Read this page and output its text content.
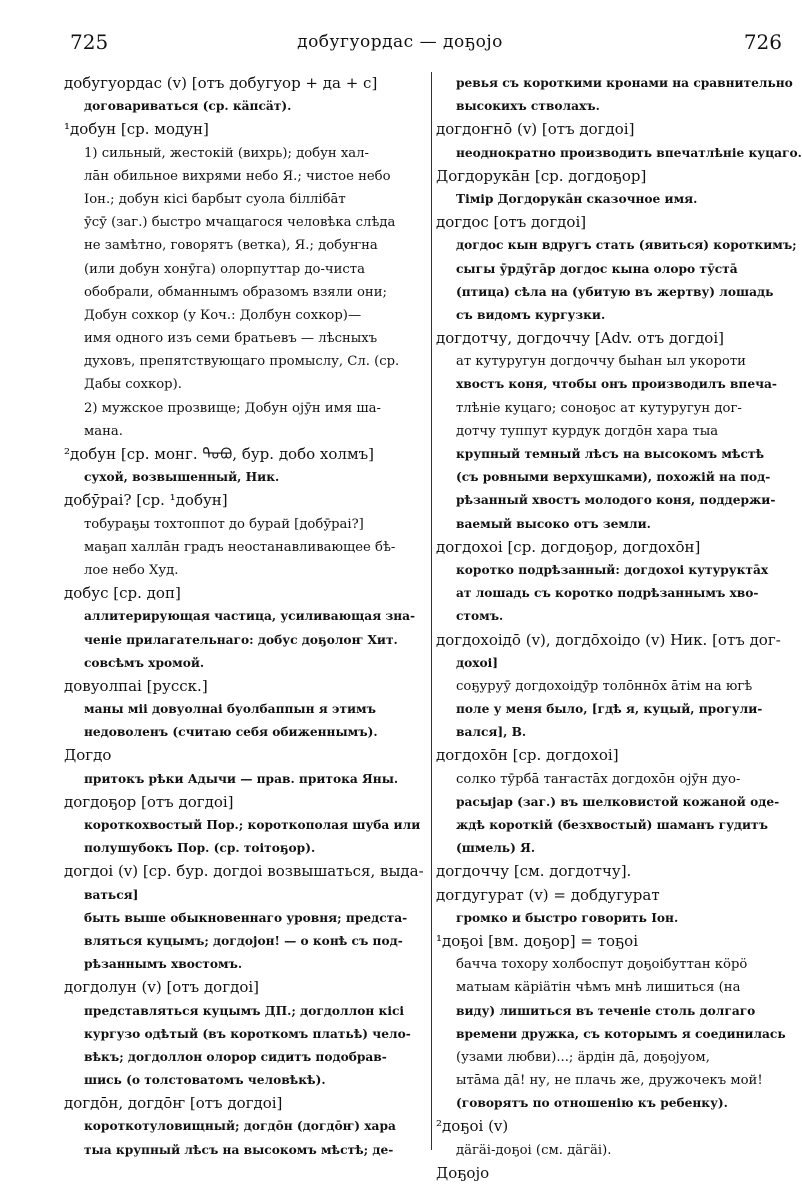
725	добугуордас — доҕојо	726
добугуордас (v) [отъ добугуор + да + с]
договариваться (ср. кäпсäт).
¹добун [ср. модун]
1) сильный, жестокій (вихрь); добун хал-
лāн обильное вихрями небо Я.; чистое небо
Іон.; добун кісі барбыт суола біллібāт
ӯсӯ (заг.) быстро мчащагося человѣка слѣда
не замѣтно, говорятъ (ветка), Я.; добуҥна
(или добун хонӯга) олорпуттар до-чиста
обобрали, обманнымъ образомъ взяли они;
Добун сохкор (у Коч.: Долбун сохкор)—
имя одного изъ семи братьевъ — лѣсныхъ
духовъ, препятствующаго промыслу, Сл. (ср.
Дабы сохкор).
2) мужское прозвище; Добун ојӯн имя ша-
мана.
²добун [ср. монг. ᠳᠣᠪᠣ, бур. добо холмъ]
сухой, возвышенный, Ник.
добӯраі? [ср. ¹добун]
тобураҕы тохтоппот до бурай [добӯраі?]
маҕап халлāн градъ неостанавливающее бѣ-
лое небо Худ.
добус [ср. доп]
аллитерирующая частица, усиливающая зна-
ченіе прилагательнаго: добус доҕолоҥ Хит.
совсѣмъ хромой.
довуолпаі [русск.]
маны міі довуолнаі буолбаппын я этимъ
недоволенъ (считаю себя обиженнымъ).
Догдо
притокъ рѣки Адычи — прав. притока Яны.
догдоҕор [отъ догдоі]
короткохвостый Пор.; короткополая шуба или
полушубокъ Пор. (ср. тоітоҕор).
догдоі (v) [ср. бур. догдоі возвышаться, выда-
ваться]
быть выше обыкновеннаго уровня; предста-
вляться куцымъ; догдојон! — о конѣ съ под-
рѣзаннымъ хвостомъ.
догдолун (v) [отъ догдоі]
представляться куцымъ ДП.; догдоллон кісі
кургузо одѣтый (въ короткомъ платьѣ) чело-
вѣкъ; догдоллон олорор сидитъ подобрав-
шись (о толстоватомъ человѣкѣ).
догдōн, догдōҥ [отъ догдоі]
короткотуловищный; догдōн (догдōҥ) хара
тыа крупный лѣсъ на высокомъ мѣстѣ; де-
ревья съ короткими кронами на сравнительно
высокихъ стволахъ.
догдоҥнō (v) [отъ догдоі]
неоднократно производить впечатлѣніе куцаго.
Догдорукāн [ср. догдоҕор]
Тімір Догдорукāн сказочное имя.
догдос [отъ догдоі]
догдос кын вдругъ стать (явиться) короткимъ;
сыгы ӯрдӯгāр догдос кына олоро тӯстā
(птица) сѣла на (убитую въ жертву) лошадь
съ видомъ кургузки.
догдотчу, догдоччу [Adv. отъ догдоі]
ат кутуругун догдоччу быһан ыл укороти
хвостъ коня, чтобы онъ производилъ впеча-
тлѣніе куцаго; соноҕос ат кутуругун дог-
дотчу туппут курдук догдōн хара тыа
крупный темный лѣсъ на высокомъ мѣстѣ
(съ ровными верхушками), похожій на под-
рѣзанный хвостъ молодого коня, поддержи-
ваемый высоко отъ земли.
догдохоі [ср. догдоҕор, догдохōн]
коротко подрѣзанный: догдохоі кутуруктāх
ат лошадь съ коротко подрѣзаннымъ хво-
стомъ.
догдохоідō (v), догдōхоідо (v) Ник. [отъ дог-
дохоі]
соҕуруӯ догдохоідӯр толōннōх āтім на югѣ
поле у меня было, [гдѣ я, куцый, прогули-
вался], В.
догдохōн [ср. догдохоі]
солко тӯрбā таҥастāх догдохōн ојӯн дуо-
расыјар (заг.) въ шелковистой кожаной оде-
ждѣ короткій (безхвостый) шаманъ гудитъ
(шмель) Я.
догдоччу [см. догдотчу].
догдугурат (v) = добдугурат
громко и быстро говорить Іон.
¹доҕоі [вм. доҕор] = тоҕоі
бачча тохору холбоспут доҕоібуттан кӧрӧ
матыам кäріäтін чѣмъ мнѣ лишиться (на
виду) лишиться въ теченіе столь долгаго
времени дружка, съ которымъ я соединилась
(узами любви)...; äрдін дā, доҕојуом,
ытāма дā! ну, не плачь же, дружочекъ мой!
(говорятъ по отношенію къ ребенку).
²доҕоі (v)
дäгäі-доҕоі (см. дäгäі).
Доҕојо
